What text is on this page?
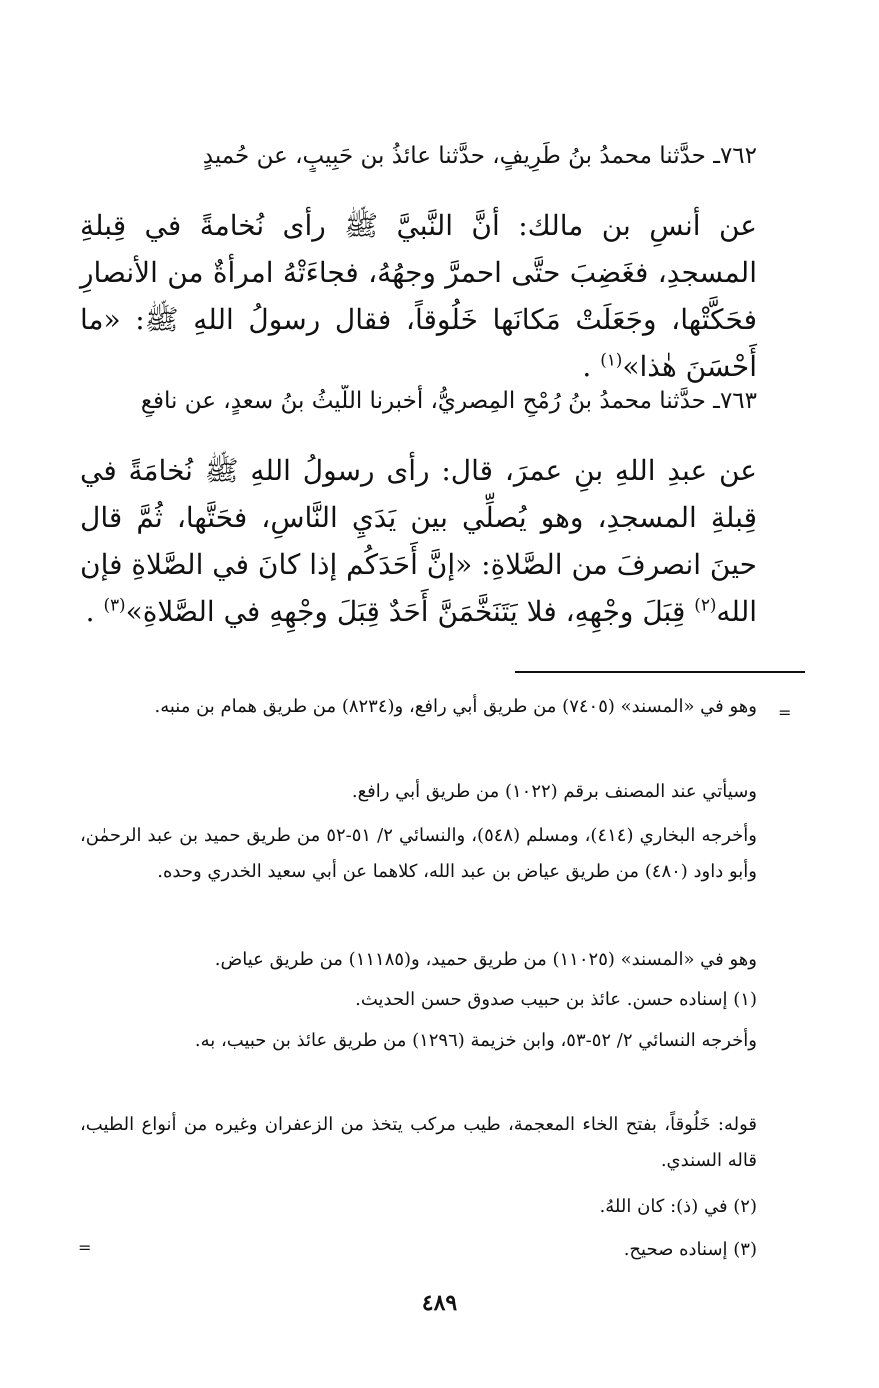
٧٦٢ـ حدَّثنا محمدُ بنُ طَرِيفٍ، حدَّثنا عائذُ بن حَبِيبٍ، عن حُميدٍ

عن أنسِ بن مالك: أنَّ النَّبيَّ ﷺ رأى نُخامةً في قِبلةِ المسجدِ، فغَضِبَ حتَّى احمرَّ وجهُهُ، فجاءَتْهُ امرأةٌ من الأنصارِ فحَكَّتْها، وجَعَلَتْ مَكانَها خَلُوقاً، فقال رسولُ اللهِ ﷺ: «ما أَحْسَنَ هٰذا»$^{(١)}$ .

٧٦٣ـ حدَّثنا محمدُ بنُ رُمْحٍ المِصريُّ، أخبرنا اللَّيثُ بنُ سعدٍ، عن نافعٍ

عن عبدِ اللهِ بنِ عمرَ، قال: رأى رسولُ اللهِ ﷺ نُخامَةً في قِبلةِ المسجدِ، وهو يُصلِّي بين يَدَيِ النَّاسِ، فحَتَّها، ثُمَّ قال حينَ انصرفَ من الصَّلاةِ: «إنَّ أَحَدَكُم إذا كانَ في الصَّلاةِ فإن الله$^{(٢)}$ قِبَلَ وجْهِهِ، فلا يَتَنَخَّمَنَّ أَحَدٌ قِبَلَ وجْهِهِ في الصَّلاةِ»$^{(٣)}$ .

=
وهو في «المسند» (٧٤٠٥) من طريق أبي رافع، و(٨٢٣٤) من طريق همام بن منبه.
وسيأتي عند المصنف برقم (١٠٢٢) من طريق أبي رافع.
وأخرجه البخاري (٤١٤)، ومسلم (٥٤٨)، والنسائي ٢/ ٥١-٥٢ من طريق حميد بن عبد الرحمٰن، وأبو داود (٤٨٠) من طريق عياض بن عبد الله، كلاهما عن أبي سعيد الخدري وحده.
وهو في «المسند» (١١٠٢٥) من طريق حميد، و(١١١٨٥) من طريق عياض.
(١) إسناده حسن. عائذ بن حبيب صدوق حسن الحديث.
وأخرجه النسائي ٢/ ٥٢-٥٣، وابن خزيمة (١٢٩٦) من طريق عائذ بن حبيب، به.
قوله: خَلُوقاً، بفتح الخاء المعجمة، طيب مركب يتخذ من الزعفران وغيره من أنواع الطيب، قاله السندي.
(٢) في (ذ): كان اللهُ.
(٣) إسناده صحيح.
=
٤٨٩
